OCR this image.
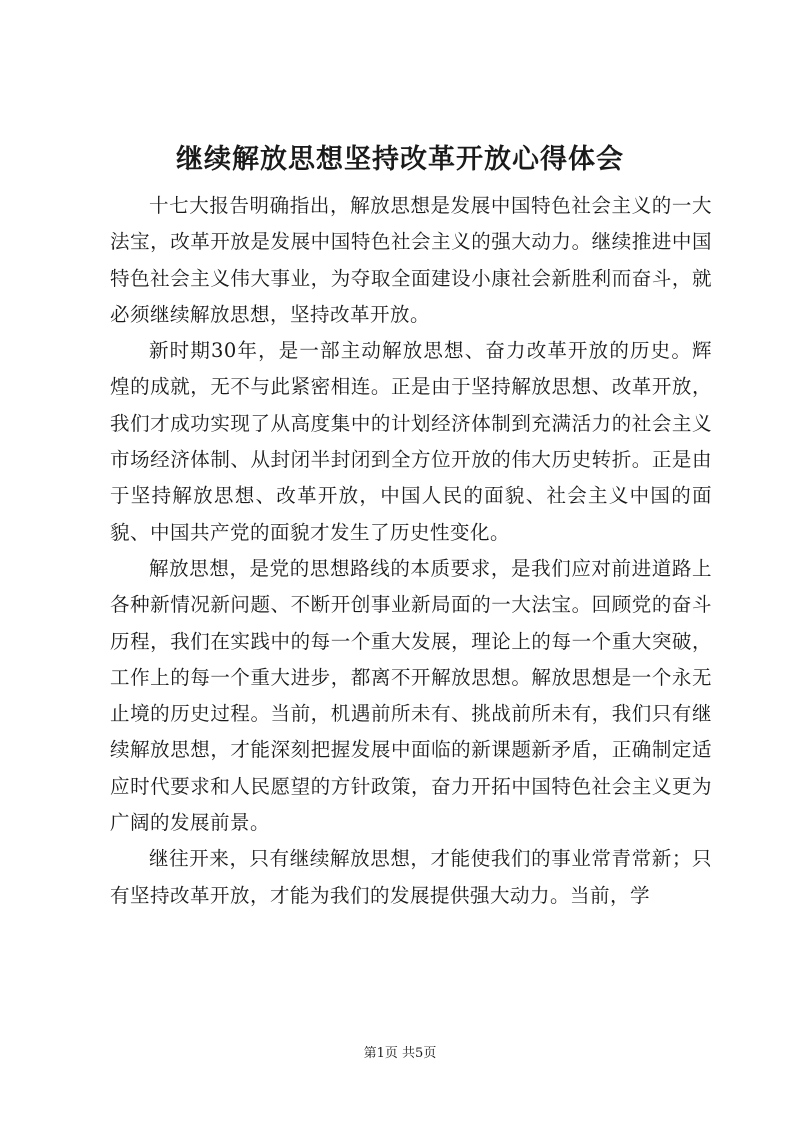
继续解放思想坚持改革开放心得体会

十七大报告明确指出，解放思想是发展中国特色社会主义的一大法宝，改革开放是发展中国特色社会主义的强大动力。继续推进中国特色社会主义伟大事业，为夺取全面建设小康社会新胜利而奋斗，就必须继续解放思想，坚持改革开放。

新时期30年，是一部主动解放思想、奋力改革开放的历史。辉煌的成就，无不与此紧密相连。正是由于坚持解放思想、改革开放，我们才成功实现了从高度集中的计划经济体制到充满活力的社会主义市场经济体制、从封闭半封闭到全方位开放的伟大历史转折。正是由于坚持解放思想、改革开放，中国人民的面貌、社会主义中国的面貌、中国共产党的面貌才发生了历史性变化。

解放思想，是党的思想路线的本质要求，是我们应对前进道路上各种新情况新问题、不断开创事业新局面的一大法宝。回顾党的奋斗历程，我们在实践中的每一个重大发展，理论上的每一个重大突破，工作上的每一个重大进步，都离不开解放思想。解放思想是一个永无止境的历史过程。当前，机遇前所未有、挑战前所未有，我们只有继续解放思想，才能深刻把握发展中面临的新课题新矛盾，正确制定适应时代要求和人民愿望的方针政策，奋力开拓中国特色社会主义更为广阔的发展前景。

继往开来，只有继续解放思想，才能使我们的事业常青常新；只有坚持改革开放，才能为我们的发展提供强大动力。当前，学

第1页 共5页
